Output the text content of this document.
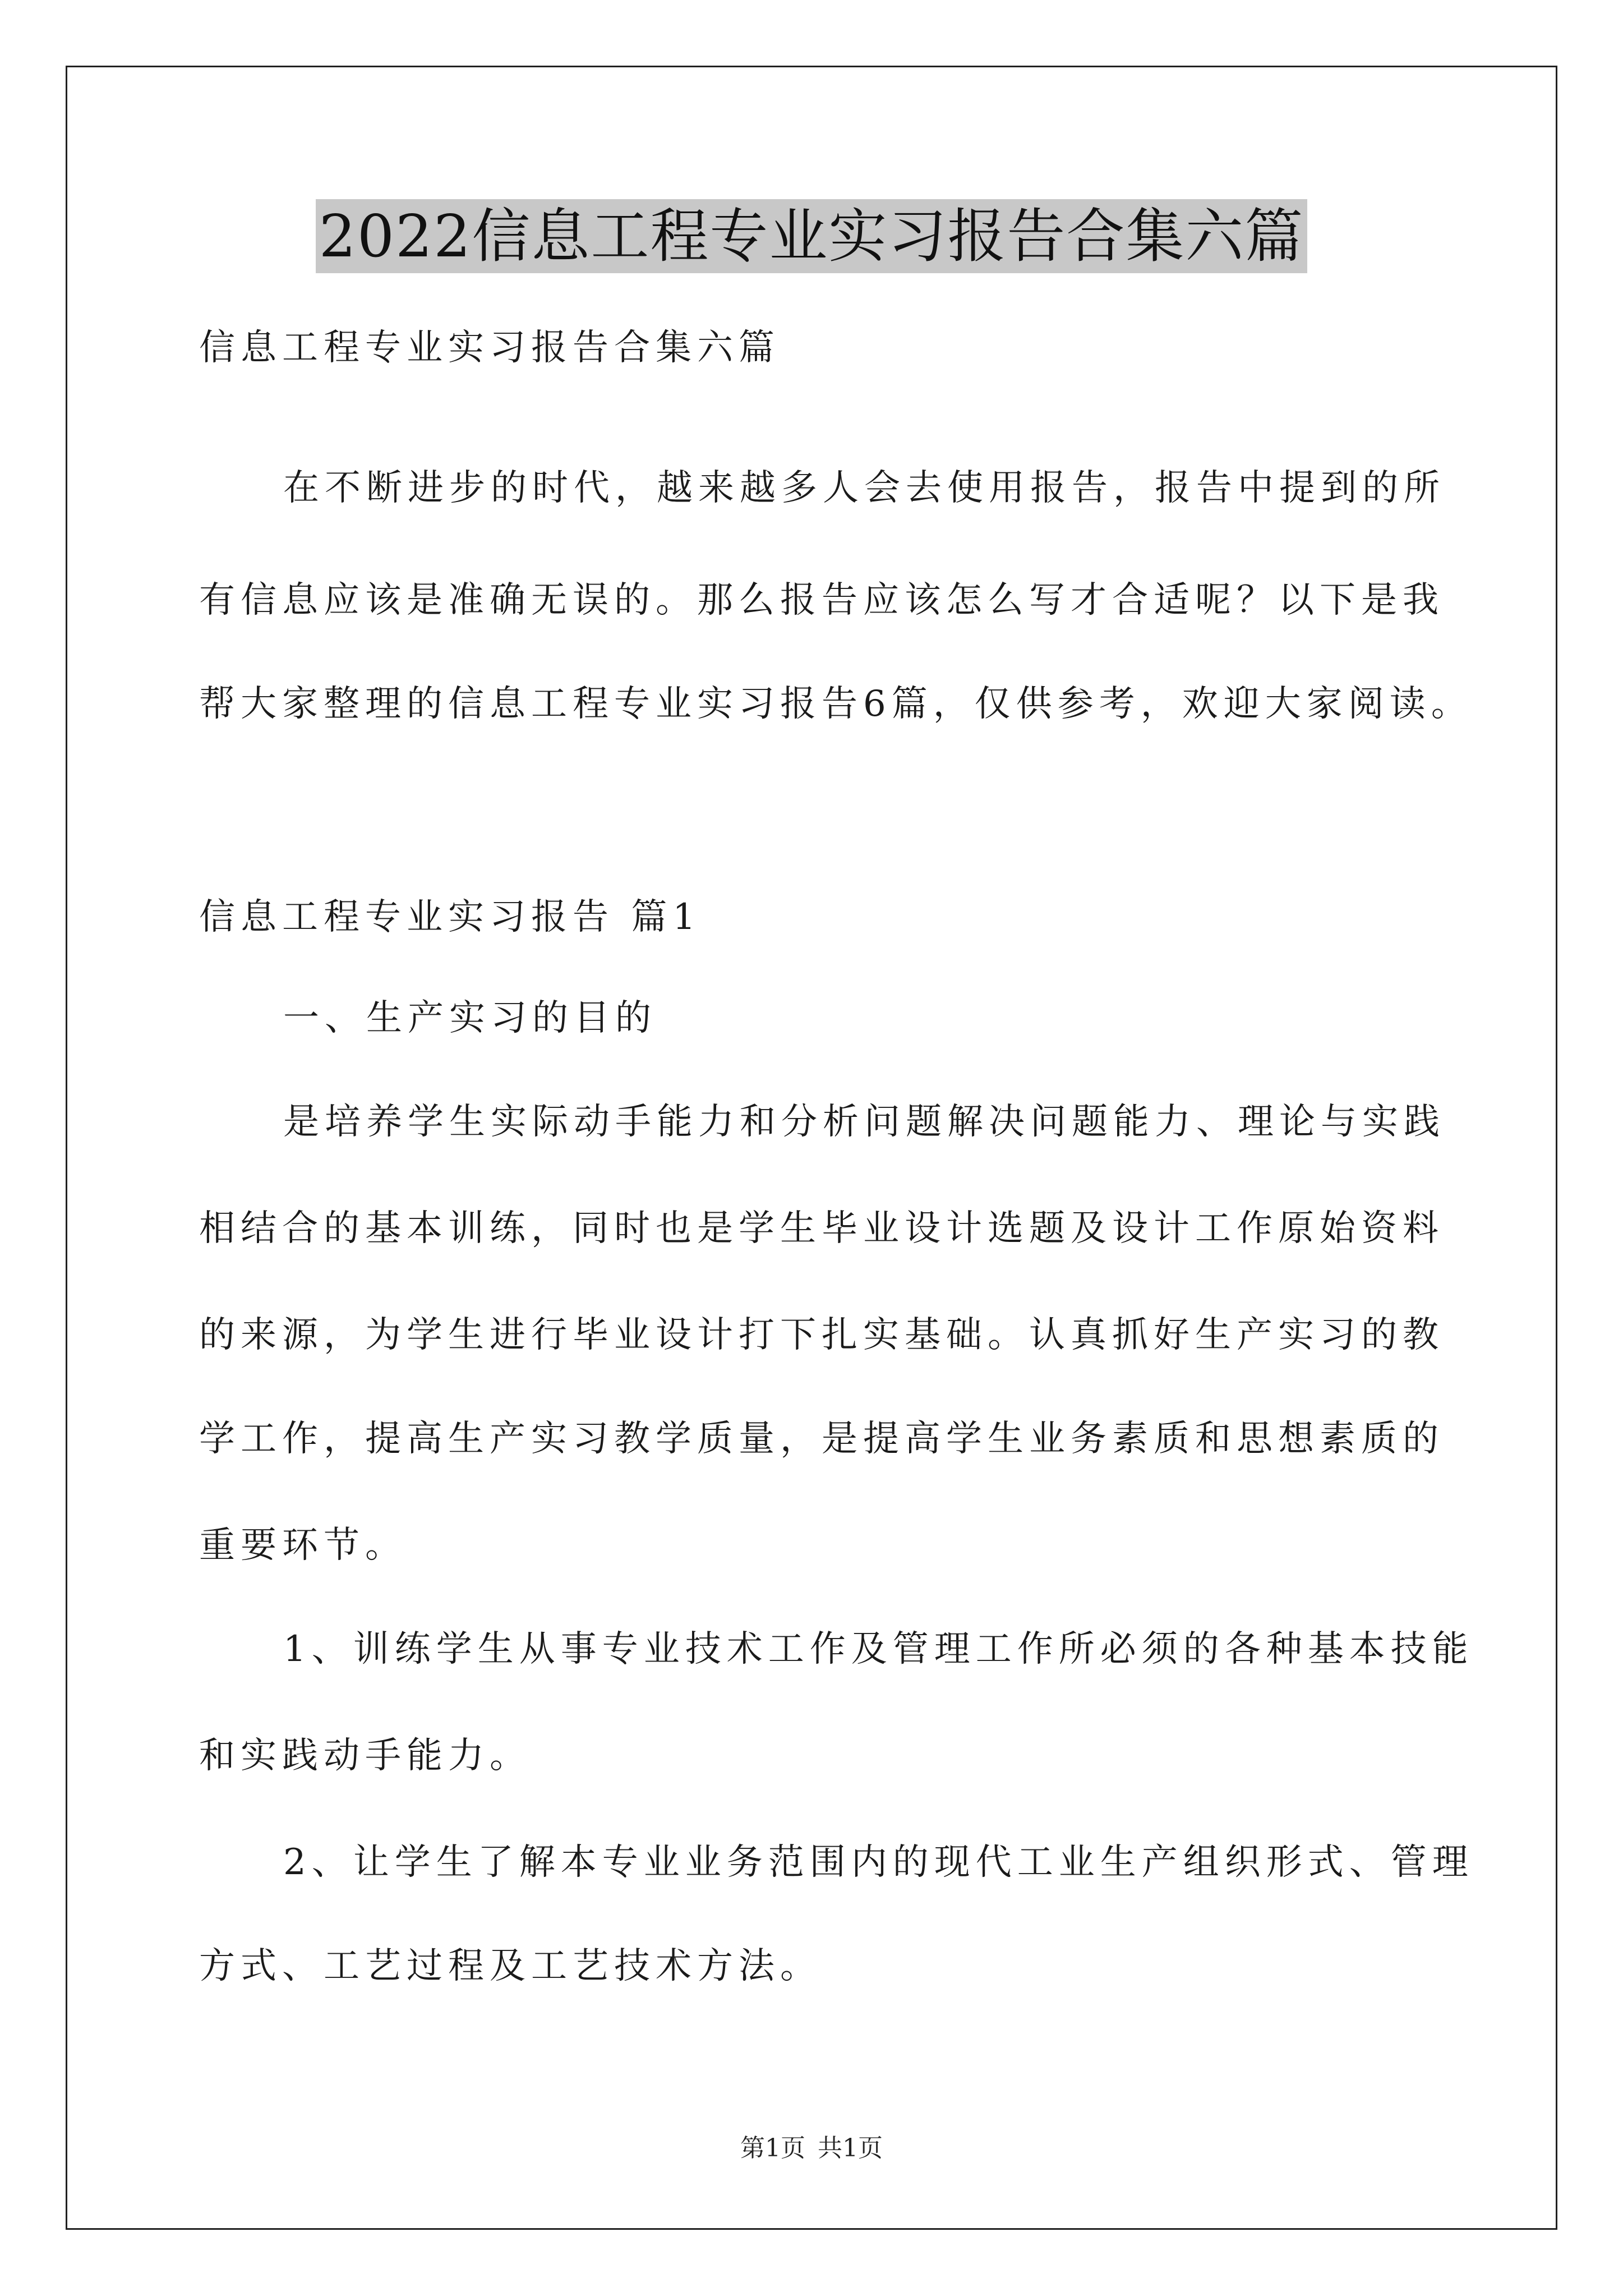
2022信息工程专业实习报告合集六篇

信息工程专业实习报告合集六篇

在不断进步的时代，越来越多人会去使用报告，报告中提到的所

有信息应该是准确无误的。那么报告应该怎么写才合适呢？以下是我

帮大家整理的信息工程专业实习报告6篇，仅供参考，欢迎大家阅读。

信息工程专业实习报告 篇1

一、生产实习的目的

是培养学生实际动手能力和分析问题解决问题能力、理论与实践

相结合的基本训练，同时也是学生毕业设计选题及设计工作原始资料

的来源，为学生进行毕业设计打下扎实基础。认真抓好生产实习的教

学工作，提高生产实习教学质量，是提高学生业务素质和思想素质的

重要环节。

1、训练学生从事专业技术工作及管理工作所必须的各种基本技能

和实践动手能力。

2、让学生了解本专业业务范围内的现代工业生产组织形式、管理

方式、工艺过程及工艺技术方法。

第1页 共1页
